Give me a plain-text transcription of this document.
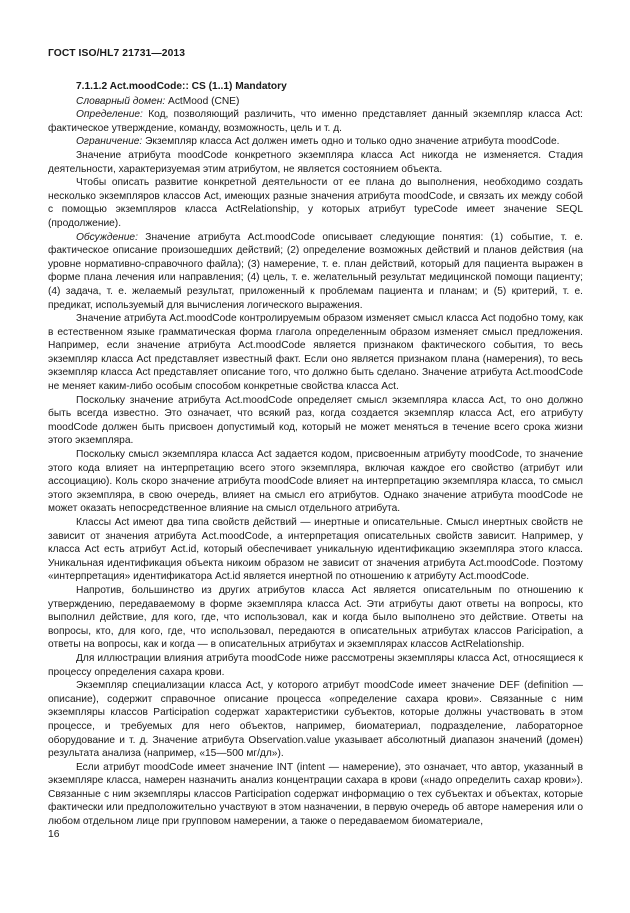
ГОСТ ISO/HL7 21731—2013

7.1.1.2 Act.moodCode:: CS (1..1) Mandatory

Словарный домен: ActMood (CNE)

Определение: Код, позволяющий различить, что именно представляет данный экземпляр класса Act: фактическое утверждение, команду, возможность, цель и т. д.

Ограничение: Экземпляр класса Act должен иметь одно и только одно значение атрибута moodCode.

Значение атрибута moodCode конкретного экземпляра класса Act никогда не изменяется. Стадия деятельности, характеризуемая этим атрибутом, не является состоянием объекта.

Чтобы описать развитие конкретной деятельности от ее плана до выполнения, необходимо создать несколько экземпляров классов Act, имеющих разные значения атрибута moodCode, и связать их между собой с помощью экземпляров класса ActRelationship, у которых атрибут typeCode имеет значение SEQL (продолжение).

Обсуждение: Значение атрибута Act.moodCode описывает следующие понятия: (1) событие, т. е. фактическое описание произошедших действий; (2) определение возможных действий и планов действия (на уровне нормативно-справочного файла); (3) намерение, т. е. план действий, который для пациента выражен в форме плана лечения или направления; (4) цель, т. е. желательный результат медицинской помощи пациенту; (4) задача, т. е. желаемый результат, приложенный к проблемам пациента и планам; и (5) критерий, т. е. предикат, используемый для вычисления логического выражения.

Значение атрибута Act.moodCode контролируемым образом изменяет смысл класса Act подобно тому, как в естественном языке грамматическая форма глагола определенным образом изменяет смысл предложения. Например, если значение атрибута Act.moodCode является признаком фактического события, то весь экземпляр класса Act представляет известный факт. Если оно является признаком плана (намерения), то весь экземпляр класса Act представляет описание того, что должно быть сделано. Значение атрибута Act.moodCode не меняет каким-либо особым способом конкретные свойства класса Act.

Поскольку значение атрибута Act.moodCode определяет смысл экземпляра класса Act, то оно должно быть всегда известно. Это означает, что всякий раз, когда создается экземпляр класса Act, его атрибуту moodCode должен быть присвоен допустимый код, который не может меняться в течение всего срока жизни этого экземпляра.

Поскольку смысл экземпляра класса Act задается кодом, присвоенным атрибуту moodCode, то значение этого кода влияет на интерпретацию всего этого экземпляра, включая каждое его свойство (атрибут или ассоциацию). Коль скоро значение атрибута moodCode влияет на интерпретацию экземпляра класса, то смысл этого экземпляра, в свою очередь, влияет на смысл его атрибутов. Однако значение атрибута moodCode не может оказать непосредственное влияние на смысл отдельного атрибута.

Классы Act имеют два типа свойств действий — инертные и описательные. Смысл инертных свойств не зависит от значения атрибута Act.moodCode, а интерпретация описательных свойств зависит. Например, у класса Act есть атрибут Act.id, который обеспечивает уникальную идентификацию экземпляра этого класса. Уникальная идентификация объекта никоим образом не зависит от значения атрибута Act.moodCode. Поэтому «интерпретация» идентификатора Act.id является инертной по отношению к атрибуту Act.moodCode.

Напротив, большинство из других атрибутов класса Act является описательным по отношению к утверждению, передаваемому в форме экземпляра класса Act. Эти атрибуты дают ответы на вопросы, кто выполнил действие, для кого, где, что использовал, как и когда было выполнено это действие. Ответы на вопросы, кто, для кого, где, что использовал, передаются в описательных атрибутах классов Paricipation, а ответы на вопросы, как и когда — в описательных атрибутах и экземплярах классов ActRelationship.

Для иллюстрации влияния атрибута moodCode ниже рассмотрены экземпляры класса Act, относящиеся к процессу определения сахара крови.

Экземпляр специализации класса Act, у которого атрибут moodCode имеет значение DEF (definition — описание), содержит справочное описание процесса «определение сахара крови». Связанные с ним экземпляры классов Participation содержат характеристики субъектов, которые должны участвовать в этом процессе, и требуемых для него объектов, например, биоматериал, подразделение, лабораторное оборудование и т. д. Значение атрибута Observation.value указывает абсолютный диапазон значений (домен) результата анализа (например, «15—500 мг/дл»).

Если атрибут moodCode имеет значение INT (intent — намерение), это означает, что автор, указанный в экземпляре класса, намерен назначить анализ концентрации сахара в крови («надо определить сахар крови»). Связанные с ним экземпляры классов Participation содержат информацию о тех субъектах и объектах, которые фактически или предположительно участвуют в этом назначении, в первую очередь об авторе намерения или о любом отдельном лице при групповом намерении, а также о передаваемом биоматериале,

16
